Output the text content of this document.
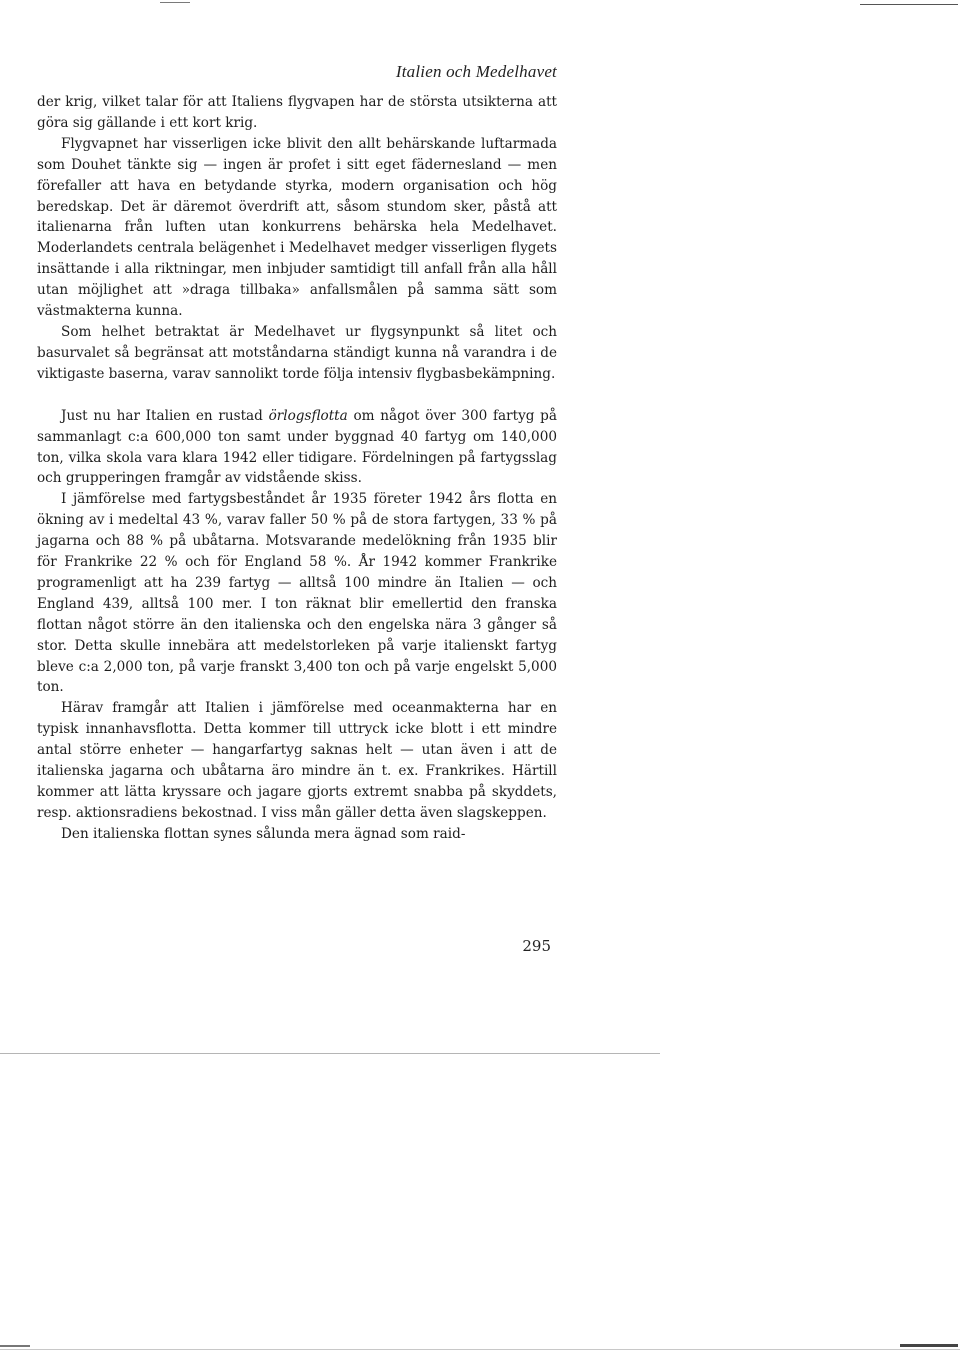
Italien och Medelhavet

der krig, vilket talar för att Italiens flygvapen har de största utsikterna att göra sig gällande i ett kort krig.

Flygvapnet har visserligen icke blivit den allt behärskande luftarmada som Douhet tänkte sig — ingen är profet i sitt eget fädernesland — men förefaller att hava en betydande styrka, modern organisation och hög beredskap. Det är däremot överdrift att, såsom stundom sker, påstå att italienarna från luften utan konkurrens behärska hela Medelhavet. Moderlandets centrala belägenhet i Medelhavet medger visserligen flygets insättande i alla riktningar, men inbjuder samtidigt till anfall från alla håll utan möjlighet att »draga tillbaka» anfallsmålen på samma sätt som västmakterna kunna.

Som helhet betraktat är Medelhavet ur flygsynpunkt så litet och basurvalet så begränsat att motståndarna ständigt kunna nå varandra i de viktigaste baserna, varav sannolikt torde följa intensiv flygbasbekämpning.

Just nu har Italien en rustad örlogsflotta om något över 300 fartyg på sammanlagt c:a 600,000 ton samt under byggnad 40 fartyg om 140,000 ton, vilka skola vara klara 1942 eller tidigare. Fördelningen på fartygsslag och grupperingen framgår av vidstående skiss.

I jämförelse med fartygsbeståndet år 1935 företer 1942 års flotta en ökning av i medeltal 43 %, varav faller 50 % på de stora fartygen, 33 % på jagarna och 88 % på ubåtarna. Motsvarande medelökning från 1935 blir för Frankrike 22 % och för England 58 %. År 1942 kommer Frankrike programenligt att ha 239 fartyg — alltså 100 mindre än Italien — och England 439, alltså 100 mer. I ton räknat blir emellertid den franska flottan något större än den italienska och den engelska nära 3 gånger så stor. Detta skulle innebära att medelstorleken på varje italienskt fartyg bleve c:a 2,000 ton, på varje franskt 3,400 ton och på varje engelskt 5,000 ton.

Härav framgår att Italien i jämförelse med oceanmakterna har en typisk innanhavsflotta. Detta kommer till uttryck icke blott i ett mindre antal större enheter — hangarfartyg saknas helt — utan även i att de italienska jagarna och ubåtarna äro mindre än t. ex. Frankrikes. Härtill kommer att lätta kryssare och jagare gjorts extremt snabba på skyddets, resp. aktionsradiens bekostnad. I viss mån gäller detta även slagskeppen.

Den italienska flottan synes sålunda mera ägnad som raid-

295
